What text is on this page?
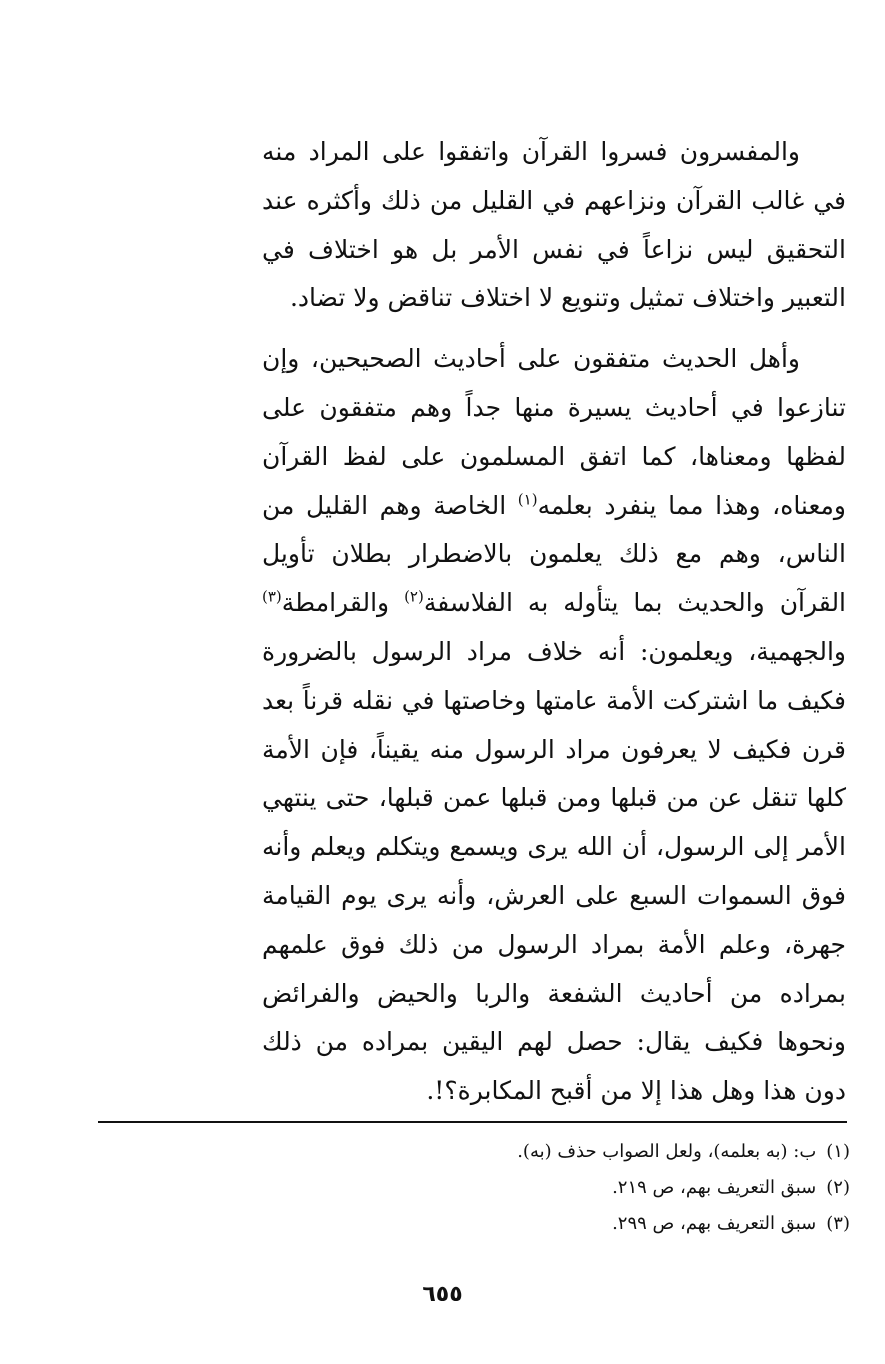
والمفسرون فسروا القرآن واتفقوا على المراد منه في غالب القرآن ونزاعهم في القليل من ذلك وأكثره عند التحقيق ليس نزاعاً في نفس الأمر بل هو اختلاف في التعبير واختلاف تمثيل وتنويع لا اختلاف تناقض ولا تضاد.

وأهل الحديث متفقون على أحاديث الصحيحين، وإن تنازعوا في أحاديث يسيرة منها جداً وهم متفقون على لفظها ومعناها، كما اتفق المسلمون على لفظ القرآن ومعناه، وهذا مما ينفرد بعلمه$^{(١)}$ الخاصة وهم القليل من الناس، وهم مع ذلك يعلمون بالاضطرار بطلان تأويل القرآن والحديث بما يتأوله به الفلاسفة$^{(٢)}$ والقرامطة$^{(٣)}$ والجهمية، ويعلمون: أنه خلاف مراد الرسول بالضرورة فكيف ما اشتركت الأمة عامتها وخاصتها في نقله قرناً بعد قرن فكيف لا يعرفون مراد الرسول منه يقيناً، فإن الأمة كلها تنقل عن من قبلها ومن قبلها عمن قبلها، حتى ينتهي الأمر إلى الرسول، أن الله يرى ويسمع ويتكلم ويعلم وأنه فوق السموات السبع على العرش، وأنه يرى يوم القيامة جهرة، وعلم الأمة بمراد الرسول من ذلك فوق علمهم بمراده من أحاديث الشفعة والربا والحيض والفرائض ونحوها فكيف يقال: حصل لهم اليقين بمراده من ذلك دون هذا وهل هذا إلا من أقبح المكابرة؟!.

(١)ب: (به بعلمه)، ولعل الصواب حذف (به).

(٢)سبق التعريف بهم، ص ٢١٩.

(٣)سبق التعريف بهم، ص ٢٩٩.

٦٥٥
